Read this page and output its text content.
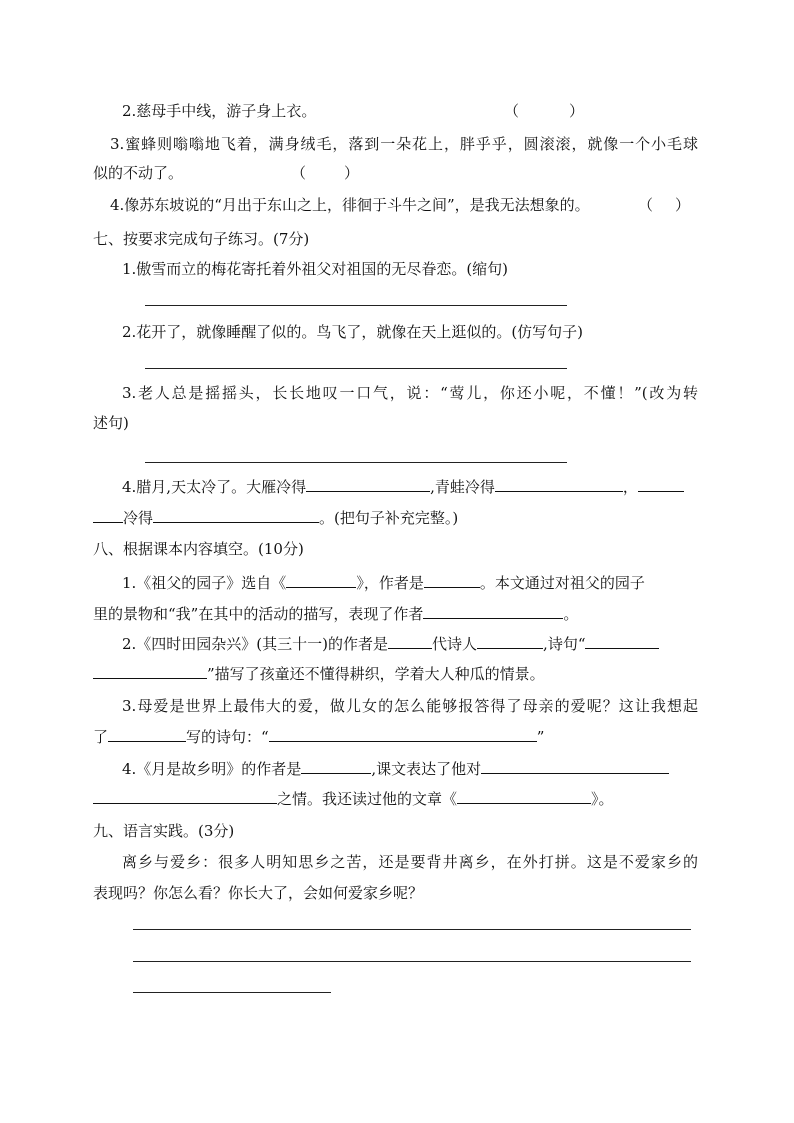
2.慈母手中线，游子身上衣。	（	）
3.蜜蜂则嗡嗡地飞着，满身绒毛，落到一朵花上，胖乎乎，圆滚滚，就像一个小毛球
似的不动了。	（	）
4.像苏东坡说的“月出于东山之上，徘徊于斗牛之间”，是我无法想象的。	（ ）
七、按要求完成句子练习。(7分)
1.傲雪而立的梅花寄托着外祖父对祖国的无尽眷恋。(缩句)
2.花开了，就像睡醒了似的。鸟飞了，就像在天上逛似的。(仿写句子)
3.老人总是摇摇头，长长地叹一口气，说：“莺儿，你还小呢，不懂！”(改为转
述句)
4.腊月,天太冷了。大雁冷得	,青蛙冷得	，
冷得	。(把句子补充完整。)
八、根据课本内容填空。(10分)
1.《祖父的园子》选自《	》，作者是	。本文通过对祖父的园子
里的景物和“我”在其中的活动的描写，表现了作者	。
2.《四时田园杂兴》(其三十一)的作者是	代诗人	,诗句“
”描写了孩童还不懂得耕织，学着大人种瓜的情景。
3.母爱是世界上最伟大的爱，做儿女的怎么能够报答得了母亲的爱呢？这让我想起
了	写的诗句：“	”
4.《月是故乡明》的作者是	,课文表达了他对
之情。我还读过他的文章《	》。
九、语言实践。(3分)
离乡与爱乡：很多人明知思乡之苦，还是要背井离乡，在外打拼。这是不爱家乡的
表现吗？你怎么看？你长大了，会如何爱家乡呢？
